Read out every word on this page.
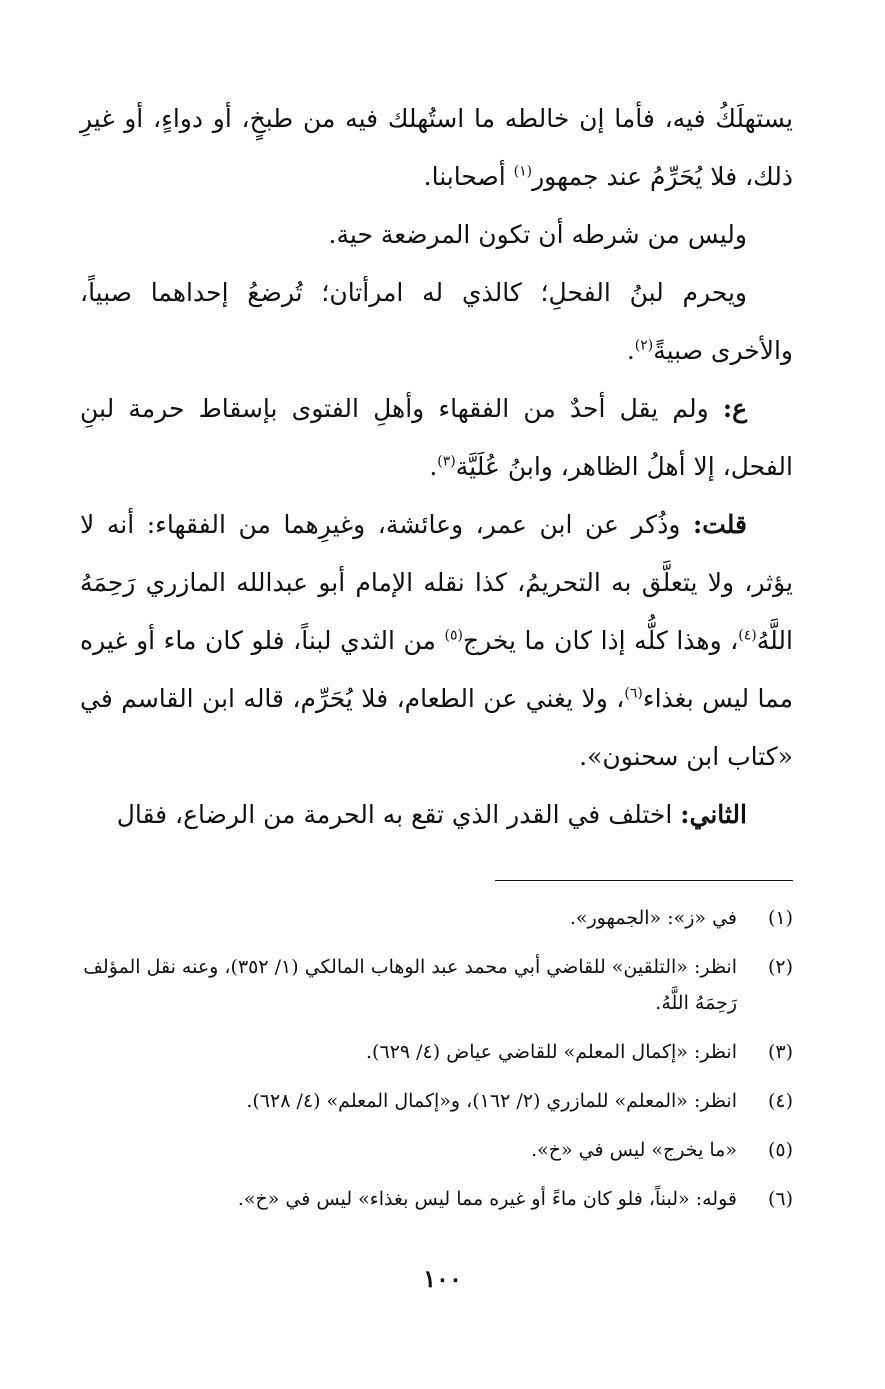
يستهلَكُ فيه، فأما إن خالطه ما استُهلك فيه من طبخٍ، أو دواءٍ، أو غيرِ ذلك، فلا يُحَرِّمُ عند جمهور$^{(١)}$ أصحابنا.

وليس من شرطه أن تكون المرضعة حية.

ويحرم لبنُ الفحلِ؛ كالذي له امرأتان؛ تُرضعُ إحداهما صبياً، والأخرى صبيةً$^{(٢)}$.

ع: ولم يقل أحدٌ من الفقهاء وأهلِ الفتوى بإسقاط حرمة لبنِ الفحل، إلا أهلُ الظاهر، وابنُ عُلَيَّة$^{(٣)}$.

قلت: وذُكر عن ابن عمر، وعائشة، وغيرِهما من الفقهاء: أنه لا يؤثر، ولا يتعلَّق به التحريمُ، كذا نقله الإمام أبو عبدالله المازري رَحِمَهُ اللَّهُ$^{(٤)}$، وهذا كلُّه إذا كان ما يخرج$^{(٥)}$ من الثدي لبناً، فلو كان ماء أو غيره مما ليس بغذاء$^{(٦)}$، ولا يغني عن الطعام، فلا يُحَرِّم، قاله ابن القاسم في «كتاب ابن سحنون».

الثاني: اختلف في القدر الذي تقع به الحرمة من الرضاع، فقال

(١)
في «ز»: «الجمهور».
(٢)
انظر: «التلقين» للقاضي أبي محمد عبد الوهاب المالكي (١/ ٣٥٢)، وعنه نقل المؤلف رَحِمَهُ اللَّهُ.
(٣)
انظر: «إكمال المعلم» للقاضي عياض (٤/ ٦٢٩).
(٤)
انظر: «المعلم» للمازري (٢/ ١٦٢)، و«إكمال المعلم» (٤/ ٦٢٨).
(٥)
«ما يخرج» ليس في «خ».
(٦)
قوله: «لبناً، فلو كان ماءً أو غيره مما ليس بغذاء» ليس في «خ».
١٠٠
